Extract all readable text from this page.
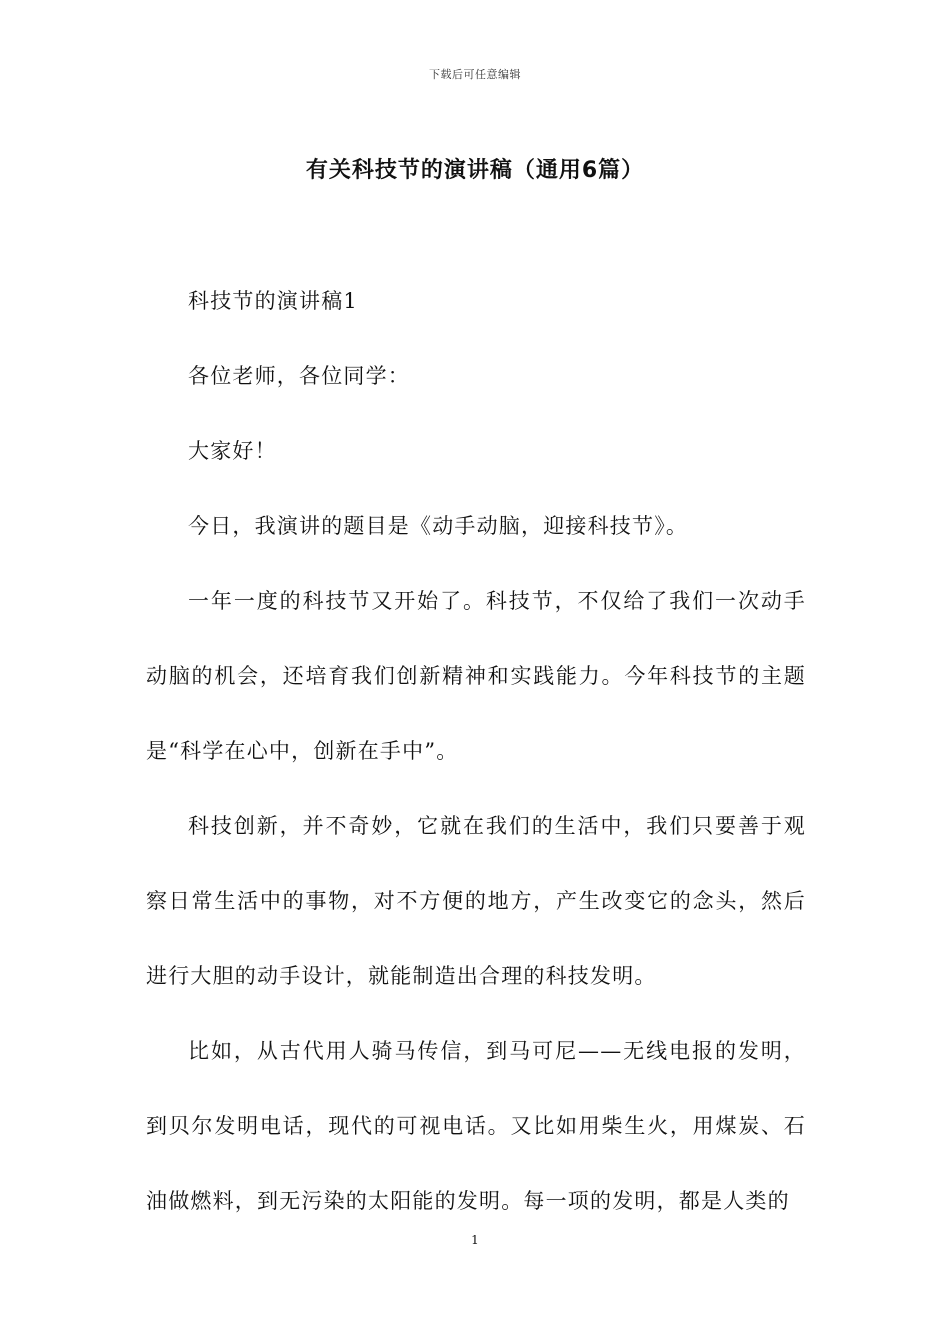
下载后可任意编辑
有关科技节的演讲稿（通用6篇）

科技节的演讲稿1

各位老师，各位同学：

大家好！

今日，我演讲的题目是《动手动脑，迎接科技节》。

一年一度的科技节又开始了。科技节，不仅给了我们一次动手动脑的机会，还培育我们创新精神和实践能力。今年科技节的主题是“科学在心中，创新在手中”。

科技创新，并不奇妙，它就在我们的生活中，我们只要善于观察日常生活中的事物，对不方便的地方，产生改变它的念头，然后进行大胆的动手设计，就能制造出合理的科技发明。

比如，从古代用人骑马传信，到马可尼——无线电报的发明，到贝尔发明电话，现代的可视电话。又比如用柴生火，用煤炭、石油做燃料，到无污染的太阳能的发明。每一项的发明，都是人类的

1
